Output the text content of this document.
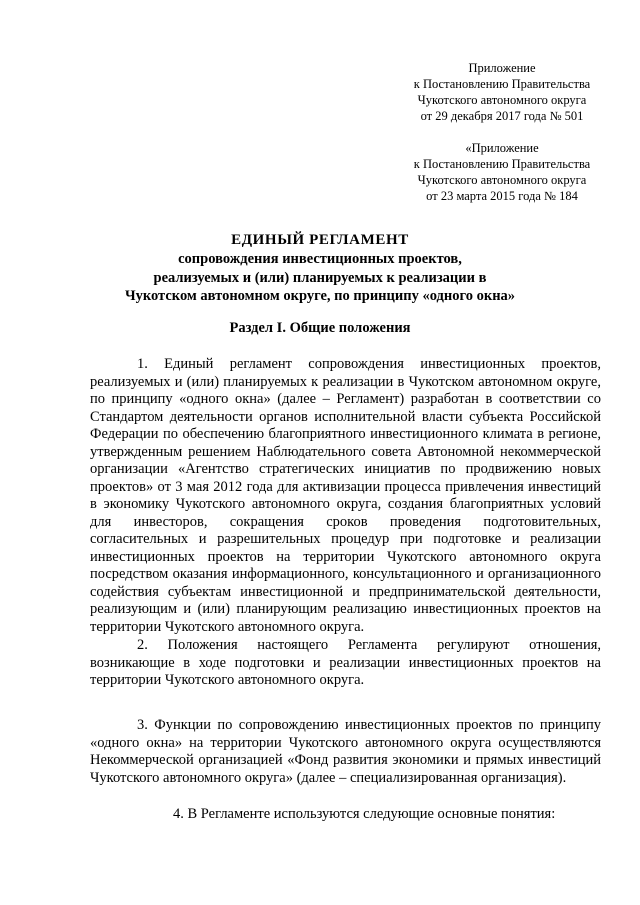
Приложение
к Постановлению Правительства
Чукотского автономного округа
от 29 декабря 2017 года № 501
«Приложение
к Постановлению Правительства
Чукотского автономного округа
от 23 марта 2015 года № 184
ЕДИНЫЙ РЕГЛАМЕНТ
сопровождения инвестиционных проектов,
реализуемых и (или) планируемых к реализации в
Чукотском автономном округе, по принципу «одного окна»
Раздел I. Общие положения

1. Единый регламент сопровождения инвестиционных проектов, реализуемых и (или) планируемых к реализации в Чукотском автономном округе, по принципу «одного окна» (далее – Регламент) разработан в соответствии со Стандартом деятельности органов исполнительной власти субъекта Российской Федерации по обеспечению благоприятного инвестиционного климата в регионе, утвержденным решением Наблюдательного совета Автономной некоммерческой организации «Агентство стратегических инициатив по продвижению новых проектов» от 3 мая 2012 года для активизации процесса привлечения инвестиций в экономику Чукотского автономного округа, создания благоприятных условий для инвесторов, сокращения сроков проведения подготовительных, согласительных и разрешительных процедур при подготовке и реализации инвестиционных проектов на территории Чукотского автономного округа посредством оказания информационного, консультационного и организационного содействия субъектам инвестиционной и предпринимательской деятельности, реализующим и (или) планирующим реализацию инвестиционных проектов на территории Чукотского автономного округа.

2. Положения настоящего Регламента регулируют отношения, возникающие в ходе подготовки и реализации инвестиционных проектов на территории Чукотского автономного округа.

3. Функции по сопровождению инвестиционных проектов по принципу «одного окна» на территории Чукотского автономного округа осуществляются Некоммерческой организацией «Фонд развития экономики и прямых инвестиций Чукотского автономного округа» (далее – специализированная организация).

4. В Регламенте используются следующие основные понятия:
